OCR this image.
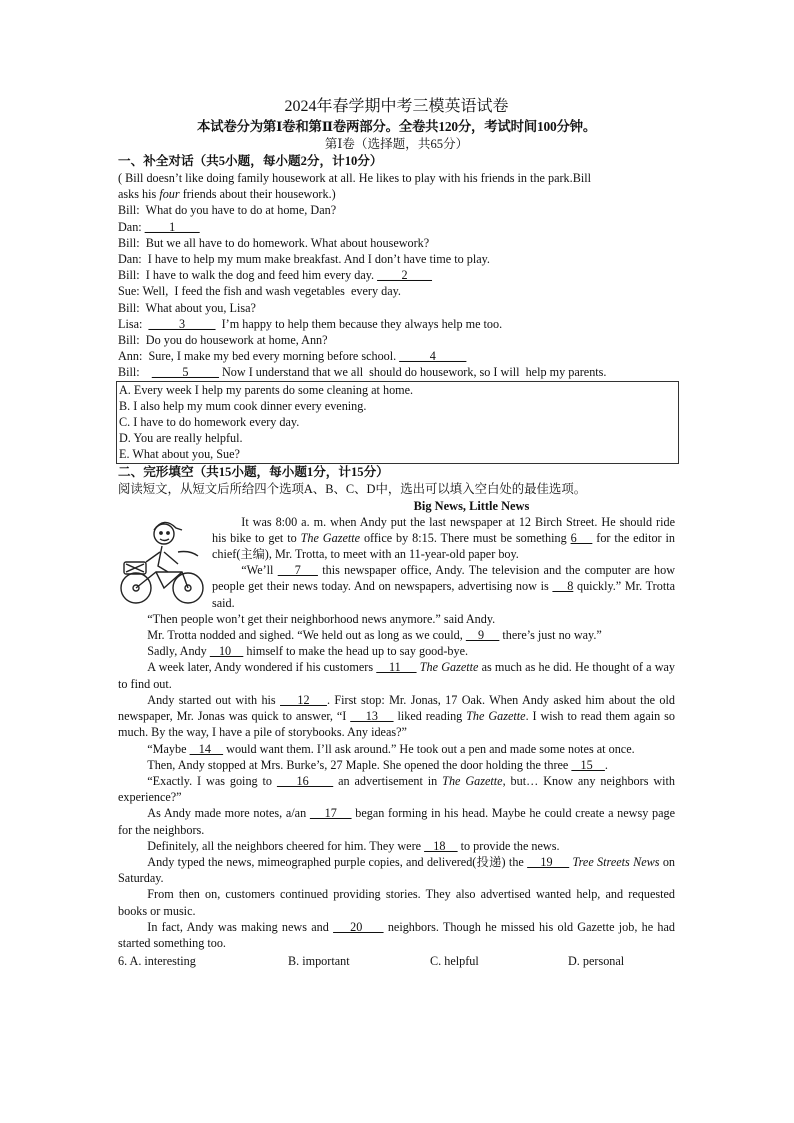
2024年春学期中考三模英语试卷
本试卷分为第Ⅰ卷和第Ⅱ卷两部分。全卷共120分，考试时间100分钟。
第Ⅰ卷（选择题，共65分）
一、补全对话（共5小题，每小题2分，计10分）
( Bill doesn’t like doing family housework at all. He likes to play with his friends in the park.Bill
asks his four friends about their housework.)
Bill:  What do you have to do at home, Dan?
Dan: ____1____
Bill:  But we all have to do homework. What about housework?
Dan:  I have to help my mum make breakfast. And I don’t have time to play.
Bill:  I have to walk the dog and feed him every day. ____2____
Sue: Well,  I feed the fish and wash vegetables  every day.
Bill:  What about you, Lisa?
Lisa: _____3_____  I’m happy to help them because they always help me too.
Bill:  Do you do housework at home, Ann?
Ann:  Sure, I make my bed every morning before school. _____4_____
Bill: _____5_____ Now I understand that we all  should do housework, so I will  help my parents.
A. Every week I help my parents do some cleaning at home.
B. I also help my mum cook dinner every evening.
C. I have to do homework every day.
D. You are really helpful.
E. What about you, Sue?
二、完形填空（共15小题，每小题1分，计15分）
阅读短文，从短文后所给四个选项A、B、C、D中，选出可以填入空白处的最佳选项。
Big News, Little News
It was 8:00 a. m. when Andy put the last newspaper at 12 Birch Street. He should ride his bike to get to The Gazette office by 8:15. There must be something 6     for the editor in chief(主编), Mr. Trotta, to meet with an 11-year-old paper boy.
“We’ll     7     this newspaper office, Andy. The television and the computer are how people get their news today. And on newspapers, advertising now is     8 quickly.” Mr. Trotta said.
“Then people won’t get their neighborhood news anymore.” said Andy.
Mr. Trotta nodded and sighed. “We held out as long as we could,     9      there’s just no way.”
Sadly, Andy    10     himself to make the head up to say good-bye.
A week later, Andy wondered if his customers     11      The Gazette as much as he did. He thought of a way to find out.
Andy started out with his     12    . First stop: Mr. Jonas, 17 Oak. When Andy asked him about the old newspaper, Mr. Jonas was quick to answer, “I     13     liked reading The Gazette. I wish to read them again so much. By the way, I have a pile of storybooks. Any ideas?”
“Maybe    14     would want them. I’ll ask around.” He took out a pen and made some notes at once.
Then, Andy stopped at Mrs. Burke’s, 27 Maple. She opened the door holding the three    15    .
“Exactly. I was going to     16      an advertisement in The Gazette, but… Know any neighbors with experience?”
As Andy made more notes, a/an     17     began forming in his head. Maybe he could create a newsy page for the neighbors.
Definitely, all the neighbors cheered for him. They were    18     to provide the news.
Andy typed the news, mimeographed purple copies, and delivered(投递) the     19      Tree Streets News on Saturday.
From then on, customers continued providing stories. They also advertised wanted help, and requested books or music.
In fact, Andy was making news and     20      neighbors. Though he missed his old Gazette job, he had started something too.
6. A. interesting	B. important	C. helpful	D. personal
